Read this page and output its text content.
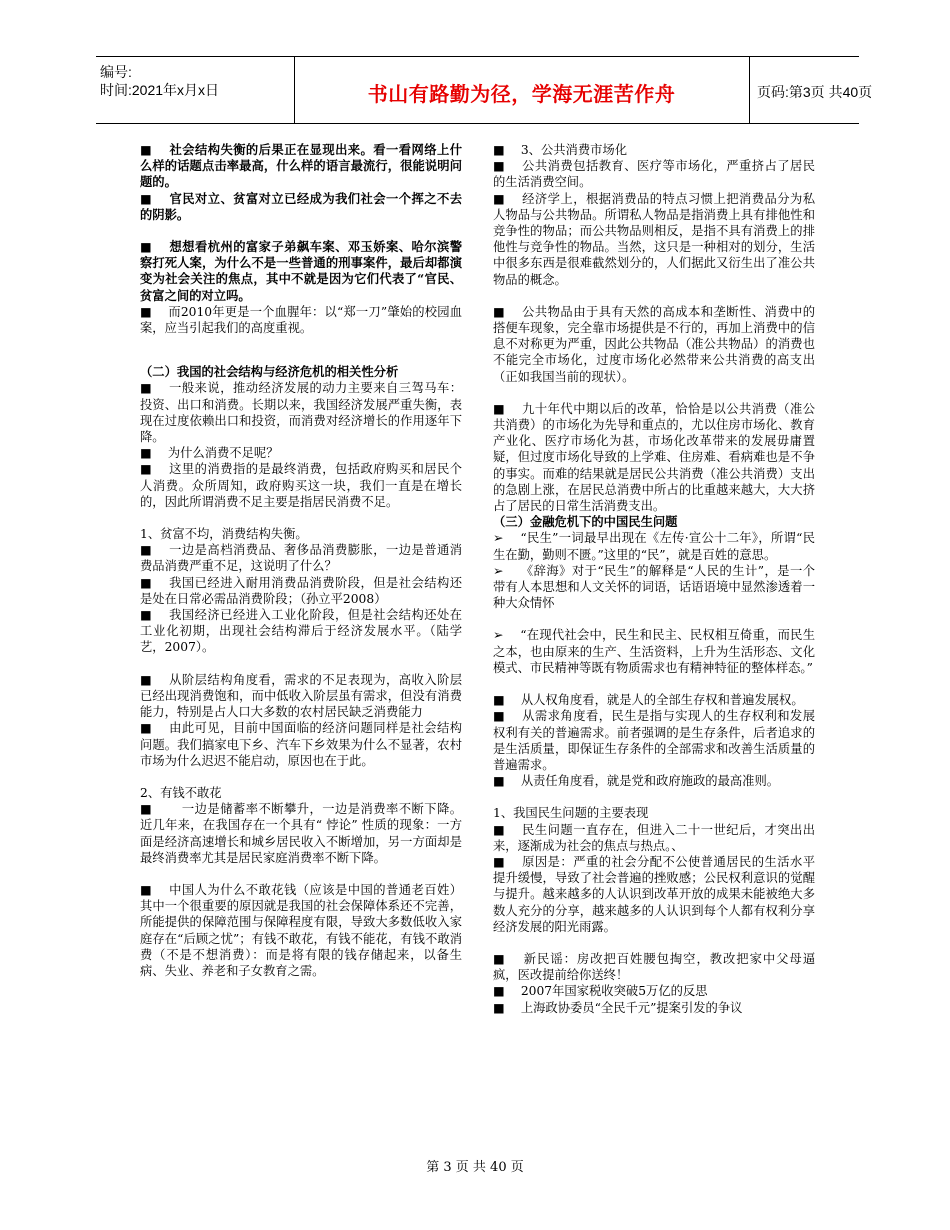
编号:
时间:2021年x月x日	书山有路勤为径，学海无涯苦作舟	页码:第3页 共40页

■　 社会结构失衡的后果正在显现出来。看一看网络上什么样的话题点击率最高，什么样的语言最流行，很能说明问题的。

■　 官民对立、贫富对立已经成为我们社会一个挥之不去的阴影。

■　 想想看杭州的富家子弟飙车案、邓玉娇案、哈尔滨警察打死人案，为什么不是一些普通的刑事案件，最后却都演变为社会关注的焦点，其中不就是因为它们代表了“官民、贫富之间的对立吗。

■　 而2010年更是一个血腥年：以“郑一刀”肇始的校园血案，应当引起我们的高度重视。

（二）我国的社会结构与经济危机的相关性分析

■　 一般来说，推动经济发展的动力主要来自三驾马车：投资、出口和消费。长期以来，我国经济发展严重失衡，表现在过度依赖出口和投资，而消费对经济增长的作用逐年下降。

■　 为什么消费不足呢？

■　 这里的消费指的是最终消费，包括政府购买和居民个人消费。众所周知，政府购买这一块，我们一直是在增长的，因此所谓消费不足主要是指居民消费不足。

1、贫富不均，消费结构失衡。

■　 一边是高档消费品、奢侈品消费膨胀，一边是普通消费品消费严重不足，这说明了什么？

■　 我国已经进入耐用消费品消费阶段，但是社会结构还是处在日常必需品消费阶段；（孙立平2008）

■　 我国经济已经进入工业化阶段，但是社会结构还处在工业化初期，出现社会结构滞后于经济发展水平。（陆学艺，2007）。

■　 从阶层结构角度看，需求的不足表现为，高收入阶层已经出现消费饱和，而中低收入阶层虽有需求，但没有消费能力，特别是占人口大多数的农村居民缺乏消费能力

■　 由此可见，目前中国面临的经济问题同样是社会结构问题。我们搞家电下乡、汽车下乡效果为什么不显著，农村市场为什么迟迟不能启动，原因也在于此。

2、有钱不敢花

■　　 一边是储蓄率不断攀升，一边是消费率不断下降。近几年来，在我国存在一个具有“ 悖论” 性质的现象：一方面是经济高速增长和城乡居民收入不断增加，另一方面却是最终消费率尤其是居民家庭消费率不断下降。

■　 中国人为什么不敢花钱（应该是中国的普通老百姓）其中一个很重要的原因就是我国的社会保障体系还不完善，所能提供的保障范围与保障程度有限，导致大多数低收入家庭存在“后顾之忧”；有钱不敢花，有钱不能花，有钱不敢消费（不是不想消费）：而是将有限的钱存储起来，以备生病、失业、养老和子女教育之需。

■　 3、公共消费市场化

■　 公共消费包括教育、医疗等市场化，严重挤占了居民的生活消费空间。

■　 经济学上，根据消费品的特点习惯上把消费品分为私人物品与公共物品。所谓私人物品是指消费上具有排他性和竞争性的物品；而公共物品则相反，是指不具有消费上的排他性与竞争性的物品。当然，这只是一种相对的划分，生活中很多东西是很难截然划分的，人们据此又衍生出了准公共物品的概念。

■　 公共物品由于具有天然的高成本和垄断性、消费中的搭便车现象，完全靠市场提供是不行的，再加上消费中的信息不对称更为严重，因此公共物品（准公共物品）的消费也不能完全市场化，过度市场化必然带来公共消费的高支出（正如我国当前的现状）。

■　 九十年代中期以后的改革，恰恰是以公共消费（准公共消费）的市场化为先导和重点的，尤以住房市场化、教育产业化、医疗市场化为甚，市场化改革带来的发展毋庸置疑，但过度市场化导致的上学难、住房难、看病难也是不争的事实。而难的结果就是居民公共消费（准公共消费）支出的急剧上涨，在居民总消费中所占的比重越来越大，大大挤占了居民的日常生活消费支出。

（三）金融危机下的中国民生问题

➢　 “民生”一词最早出现在《左传·宣公十二年》，所谓“民生在勤，勤则不匮。”这里的“民”，就是百姓的意思。

➢　 《辞海》对于“民生”的解释是“人民的生计”，是一个带有人本思想和人文关怀的词语，话语语境中显然渗透着一种大众情怀

➢　 “在现代社会中，民生和民主、民权相互倚重，而民生之本，也由原来的生产、生活资料，上升为生活形态、文化模式、市民精神等既有物质需求也有精神特征的整体样态。”

■　 从人权角度看，就是人的全部生存权和普遍发展权。

■　 从需求角度看，民生是指与实现人的生存权利和发展权利有关的普遍需求。前者强调的是生存条件，后者追求的是生活质量，即保证生存条件的全部需求和改善生活质量的普遍需求。

■　 从责任角度看，就是党和政府施政的最高准则。

1、我国民生问题的主要表现

■　 民生问题一直存在，但进入二十一世纪后，才突出出来，逐渐成为社会的焦点与热点。、

■　 原因是：严重的社会分配不公使普通居民的生活水平提升缓慢，导致了社会普遍的挫败感；公民权利意识的觉醒与提升。越来越多的人认识到改革开放的成果未能被绝大多数人充分的分享，越来越多的人认识到每个人都有权利分享经济发展的阳光雨露。

■　 新民谣：房改把百姓腰包掏空，教改把家中父母逼疯，医改提前给你送终！

■　 2007年国家税收突破5万亿的反思

■　 上海政协委员“全民千元”提案引发的争议

第 3 页 共 40 页
